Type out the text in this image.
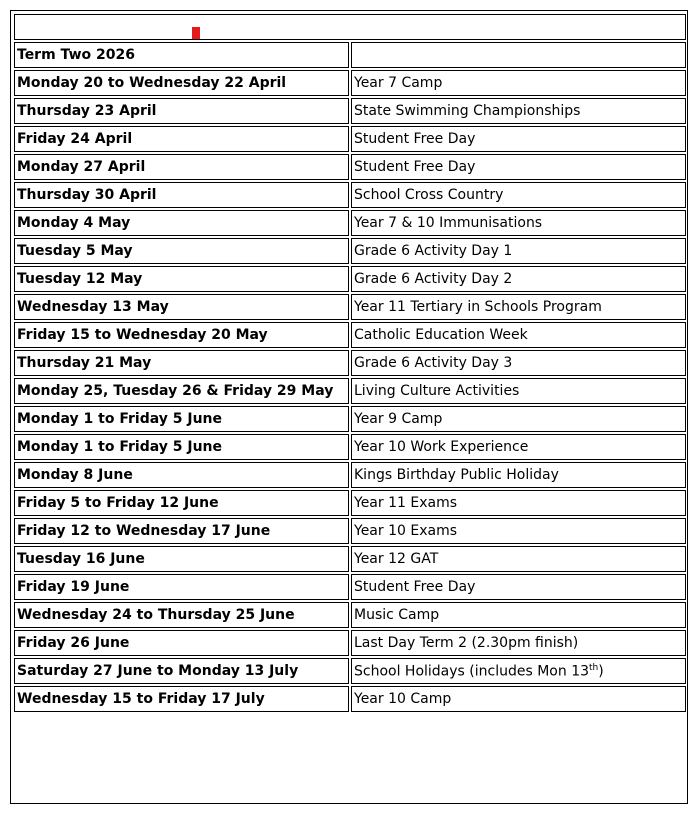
SAPIENTIA DOMINI DOCET NOS	

Term Two 2026	
Monday 20 to Wednesday 22 April	Year 7 Camp
Thursday 23 April	State Swimming Championships
Friday 24 April	Student Free Day
Monday 27 April	Student Free Day
Thursday 30 April	School Cross Country
Monday 4 May	Year 7 & 10 Immunisations
Tuesday 5 May	Grade 6 Activity Day 1
Tuesday 12 May	Grade 6 Activity Day 2
Wednesday 13 May	Year 11 Tertiary in Schools Program
Friday 15 to Wednesday 20 May	Catholic Education Week
Thursday 21 May	Grade 6 Activity Day 3
Monday 25, Tuesday 26 & Friday 29 May	Living Culture Activities
Monday 1 to Friday 5 June	Year 9 Camp
Monday 1 to Friday 5 June	Year 10 Work Experience
Monday 8 June	Kings Birthday Public Holiday
Friday 5 to Friday 12 June	Year 11 Exams
Friday 12 to Wednesday 17 June	Year 10 Exams
Tuesday 16 June	Year 12 GAT
Friday 19 June	Student Free Day
Wednesday 24 to Thursday 25 June	Music Camp
Friday 26 June	Last Day Term 2 (2.30pm finish)
Saturday 27 June to Monday 13 July	School Holidays (includes Mon 13th)
Wednesday 15 to Friday 17 July	Year 10 Camp
